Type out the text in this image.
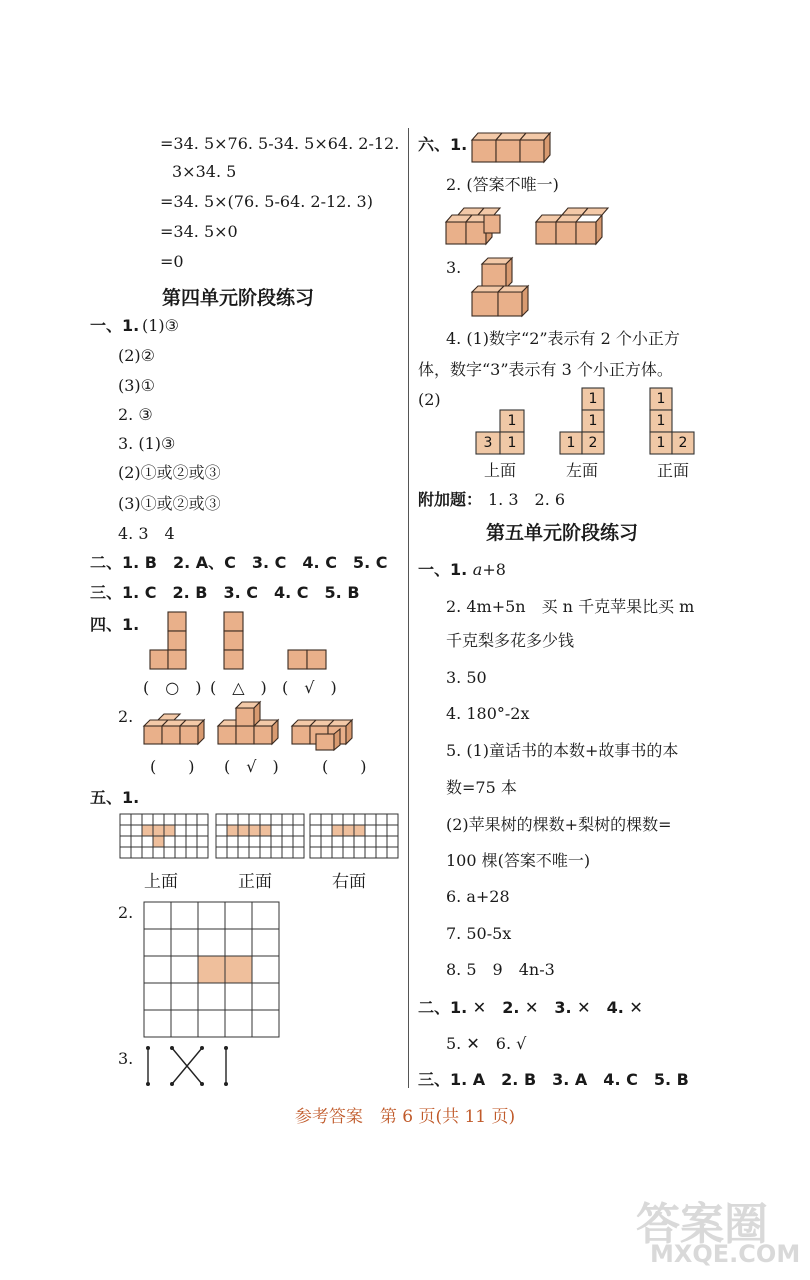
=34. 5×76. 5-34. 5×64. 2-12.
3×34. 5
=34. 5×(76. 5-64. 2-12. 3)
=34. 5×0
=0
第四单元阶段练习
一、1. (1)③
(2)②
(3)①
2. ③
3. (1)③
(2)①或②或③
(3)①或②或③
4. 3　4
二、1. B　2. A、C　3. C　4. C　5. C
三、1. C　2. B　3. C　4. C　5. B
四、1.
(　○　) (　△　) (　√　)
2.
(　　) (　√　)	(　　)
五、1.
上面	正面	右面
2.
3.
六、1.
2. (答案不唯一)
3.
4. (1)数字“2”表示有 2 个小正方
体，数字“3”表示有 3 个小正方体。
(2)
1
3 1
1
1
1 2
1
1
1 2
上面	左面	正面
附加题： 1. 3　2. 6
第五单元阶段练习
一、1. a+8
2. 4m+5n　买 n 千克苹果比买 m
千克梨多花多少钱
3. 50
4. 180°-2x
5. (1)童话书的本数+故事书的本
数=75 本
(2)苹果树的棵数+梨树的棵数=
100 棵(答案不唯一)
6. a+28
7. 50-5x
8. 5　9　4n-3
二、1. ✕　2. ✕　3. ✕　4. ✕
5. ✕　6. √
三、1. A　2. B　3. A　4. C　5. B
参考答案　第 6 页(共 11 页)
答案圈
MXQE.COM
